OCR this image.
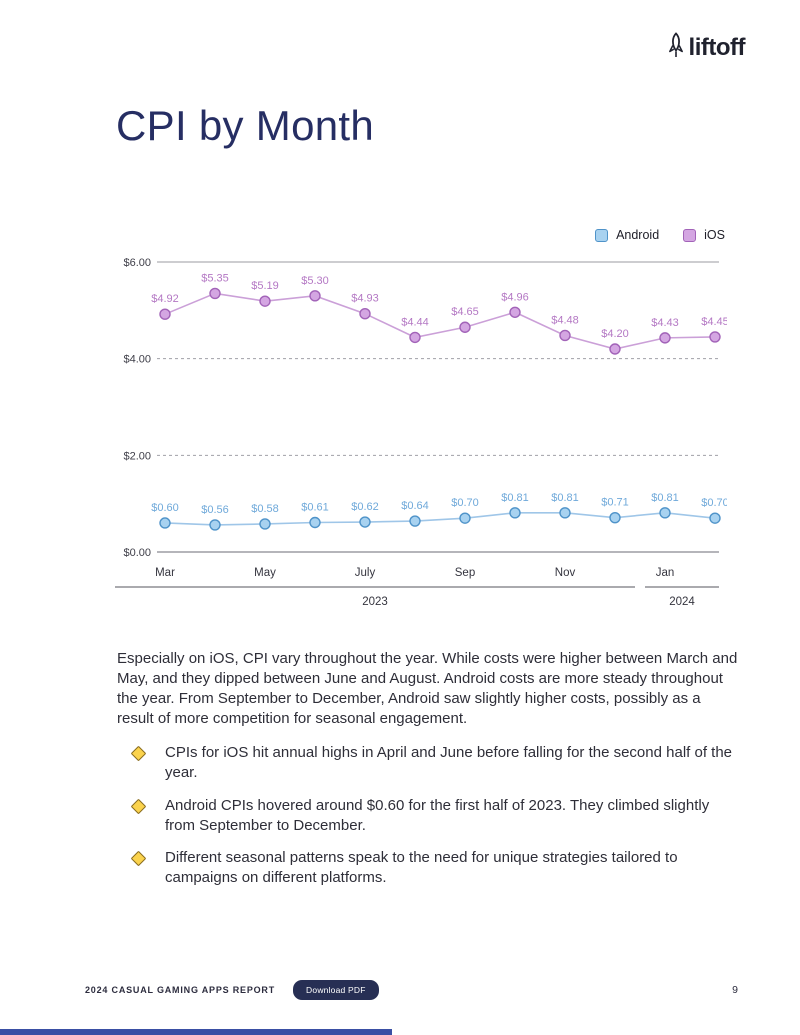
liftoff
CPI by Month
Android	iOS
$0.00
$2.00
$4.00
$6.00
Mar	May	July	Sep	Nov	Jan
2023	2024
$0.60 $0.56 $0.58 $0.61 $0.62 $0.64 $0.70 $0.81 $0.81 $0.71 $0.81 $0.70
$4.92
$5.35
$5.19 $5.30
$4.93
$4.44
$4.65
$4.96
$4.48
$4.20
$4.43 $4.45

Especially on iOS, CPI vary throughout the year. While costs were higher between March and May, and they dipped between June and August. Android costs are more steady throughout the year. From September to December, Android saw slightly higher costs, possibly as a result of more competition for seasonal engagement.

CPIs for iOS hit annual highs in April and June before falling for the second half of the year.
Android CPIs hovered around $0.60 for the first half of 2023. They climbed slightly from September to December.
Different seasonal patterns speak to the need for unique strategies tailored to campaigns on different platforms.
2024 CASUAL GAMING APPS REPORT	Download PDF	9
